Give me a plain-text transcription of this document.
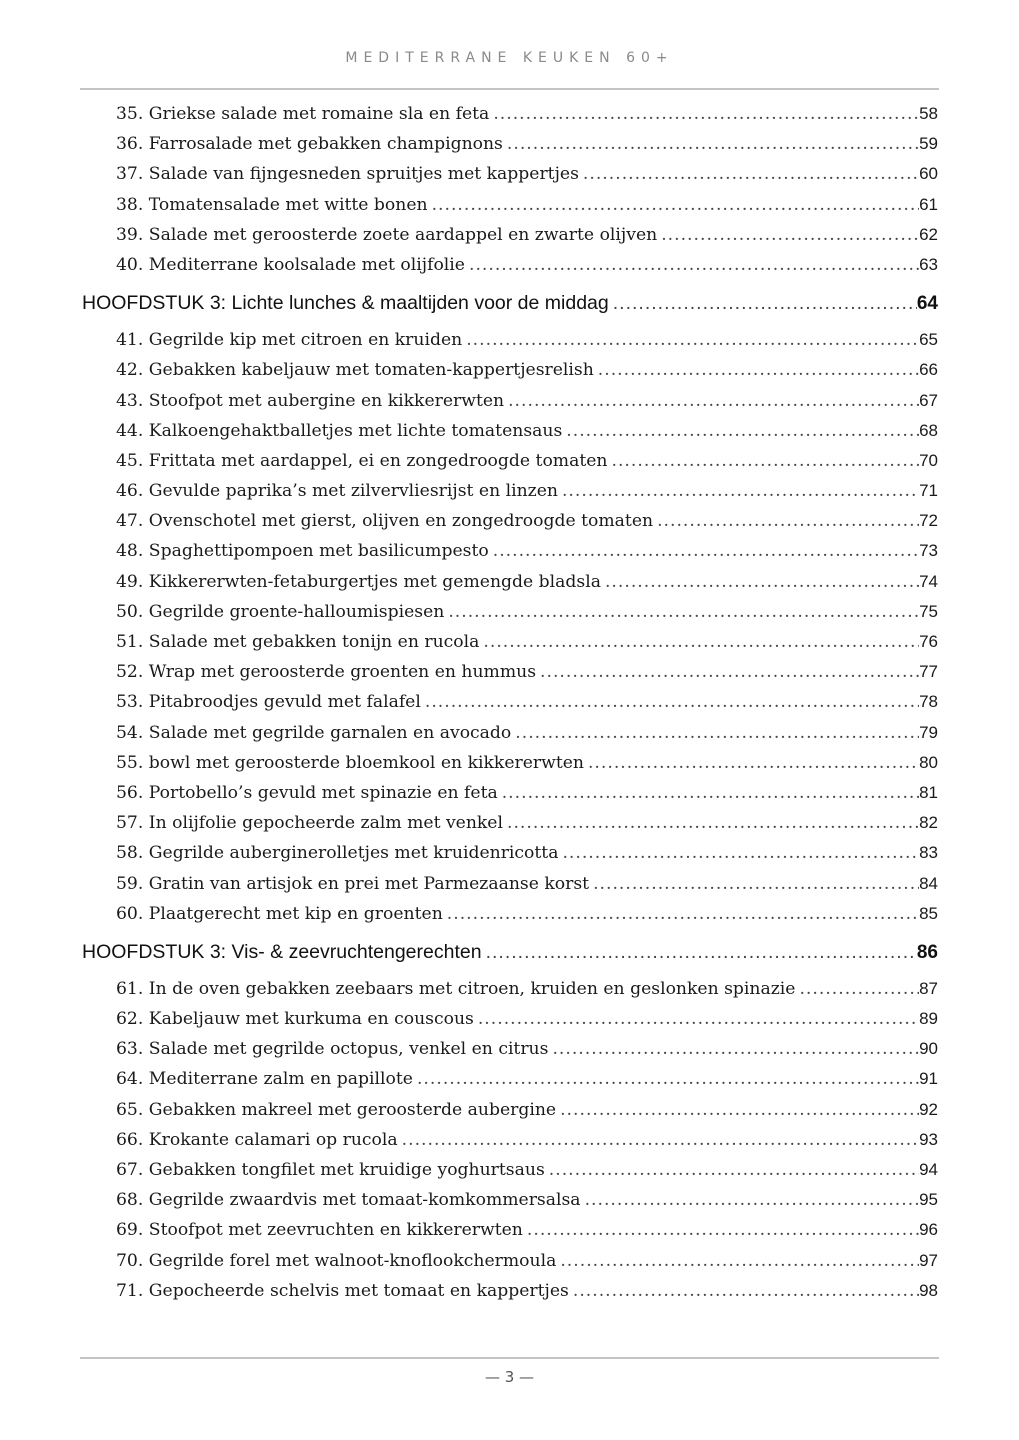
MEDITERRANE KEUKEN 60+
35. Griekse salade met romaine sla en feta .....	58
36. Farrosalade met gebakken champignons .....	59
37. Salade van fijngesneden spruitjes met kappertjes .....	60
38. Tomatensalade met witte bonen .....	61
39. Salade met geroosterde zoete aardappel en zwarte olijven .....	62
40. Mediterrane koolsalade met olijfolie .....	63
HOOFDSTUK 3: Lichte lunches & maaltijden voor de middag .....	64
41. Gegrilde kip met citroen en kruiden .....	65
42. Gebakken kabeljauw met tomaten-kappertjesrelish .....	66
43. Stoofpot met aubergine en kikkererwten .....	67
44. Kalkoengehaktballetjes met lichte tomatensaus .....	68
45. Frittata met aardappel, ei en zongedroogde tomaten .....	70
46. Gevulde paprika’s met zilvervliesrijst en linzen .....	71
47. Ovenschotel met gierst, olijven en zongedroogde tomaten .....	72
48. Spaghettipompoen met basilicumpesto .....	73
49. Kikkererwten-fetaburgertjes met gemengde bladsla .....	74
50. Gegrilde groente-halloumispiesen .....	75
51. Salade met gebakken tonijn en rucola .....	76
52. Wrap met geroosterde groenten en hummus .....	77
53. Pitabroodjes gevuld met falafel .....	78
54. Salade met gegrilde garnalen en avocado .....	79
55. bowl met geroosterde bloemkool en kikkererwten .....	80
56. Portobello’s gevuld met spinazie en feta .....	81
57. In olijfolie gepocheerde zalm met venkel .....	82
58. Gegrilde auberginerolletjes met kruidenricotta .....	83
59. Gratin van artisjok en prei met Parmezaanse korst .....	84
60. Plaatgerecht met kip en groenten .....	85
HOOFDSTUK 3: Vis- & zeevruchtengerechten .....	86
61. In de oven gebakken zeebaars met citroen, kruiden en geslonken spinazie .....	87
62. Kabeljauw met kurkuma en couscous .....	89
63. Salade met gegrilde octopus, venkel en citrus .....	90
64. Mediterrane zalm en papillote .....	91
65. Gebakken makreel met geroosterde aubergine .....	92
66. Krokante calamari op rucola .....	93
67. Gebakken tongfilet met kruidige yoghurtsaus .....	94
68. Gegrilde zwaardvis met tomaat-komkommersalsa .....	95
69. Stoofpot met zeevruchten en kikkererwten .....	96
70. Gegrilde forel met walnoot-knoflookchermoula .....	97
71. Gepocheerde schelvis met tomaat en kappertjes .....	98
— 3 —
